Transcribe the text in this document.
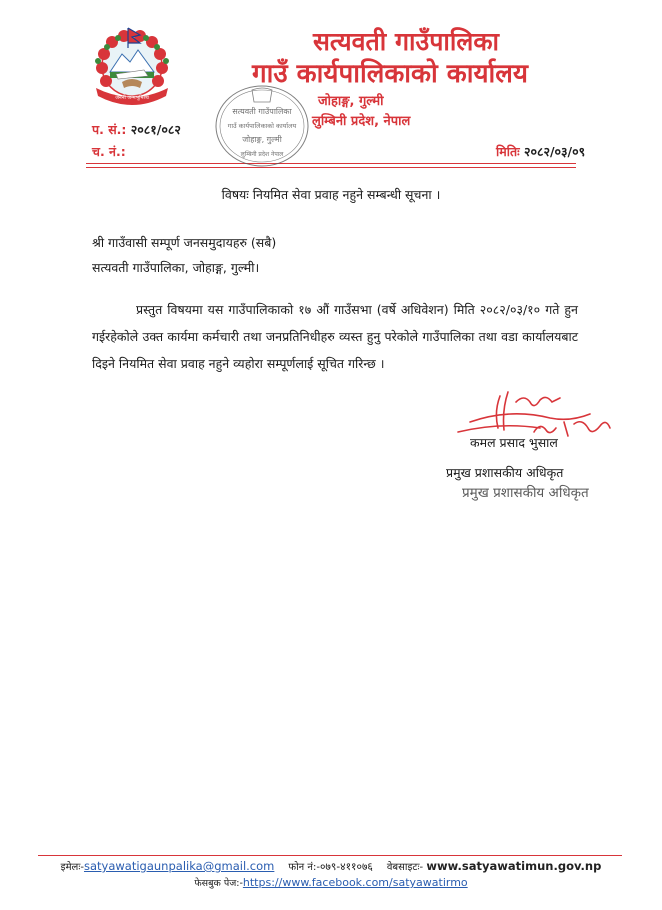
जननी जन्मभूमिश्च
सत्यवती गाउँपालिका
गाउँ कार्यपालिकाको कार्यालय
जोहाङ्ग, गुल्मी
लुम्बिनी प्रदेश, नेपाल
प. सं.: २०८१/०८२
च. नं.:	मितिः २०८२/०३/०९
सत्यवती गाउँपालिका
गाउँ कार्यपालिकाको कार्यालय
जोहाङ्ग, गुल्मी
लुम्बिनी प्रदेश नेपाल
विषयः नियमित सेवा प्रवाह नहुने सम्बन्धी सूचना ।
श्री गाउँवासी सम्पूर्ण जनसमुदायहरु (सबै)
सत्यवती गाउँपालिका, जोहाङ्ग, गुल्मी।
प्रस्तुत विषयमा यस गाउँपालिकाको १७ औं गाउँसभा (वर्षे अधिवेशन) मिति २०८२/०३/१० गते हुन गईरहेकोले उक्त कार्यमा कर्मचारी तथा जनप्रतिनिधीहरु व्यस्त हुनु परेकोले गाउँपालिका तथा वडा कार्यालयबाट दिइने नियमित सेवा प्रवाह नहुने व्यहोरा सम्पूर्णलाई सूचित गरिन्छ ।
कमल प्रसाद भुसाल
प्रमुख प्रशासकीय अधिकृत
प्रमुख प्रशासकीय अधिकृत
इमेलः-satyawatigaunpalika@gmail.com फोन नं:-०७९-४११०७६ वेबसाइटः- www.satyawatimun.gov.np
फेसबुक पेज:-https://www.facebook.com/satyawatirmo
